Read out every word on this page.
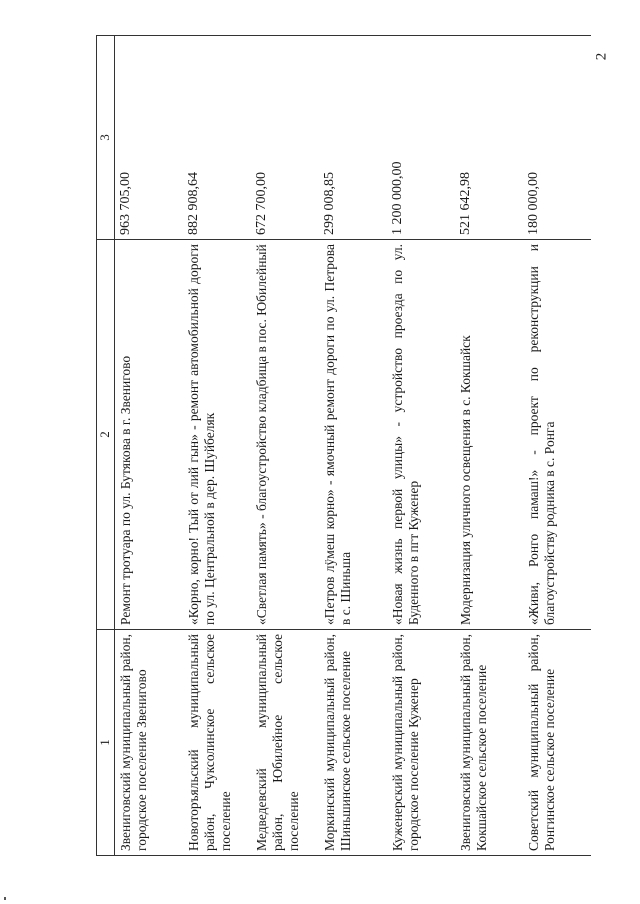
2
1	2	3
Звениговский муниципальный район, городское поселение Звенигово	Ремонт тротуара по ул. Бутякова в г. Звенигово	963 705,00
Новоторъяльский муниципальный район, Чуксолинское сельское поселение	«Корно, корно! Тый от лий гын» - ремонт автомобильной дороги по ул. Центральной в дер. Шуйбеляк	882 908,64
Медведевский муниципальный район, Юбилейное сельское поселение	«Светлая память» - благоустройство кладбища в пос. Юбилейный	672 700,00
Моркинский муниципальный район, Шиньшинское сельское поселение	«Петров лÿмеш корно» - ямочный ремонт дороги по ул. Петрова в с. Шиньша	299 008,85
Куженерский муниципальный район, городское поселение Куженер	«Новая жизнь первой улицы» - устройство проезда по ул. Буденного в пгт Куженер	1 200 000,00
Звениговский муниципальный район, Кокшайское сельское поселение	Модернизация уличного освещения в с. Кокшайск	521 642,98
Советский муниципальный район, Ронгинское сельское поселение	«Живи, Ронго памаш!» - проект по реконструкции и благоустройству родника в с. Ронга	180 000,00
